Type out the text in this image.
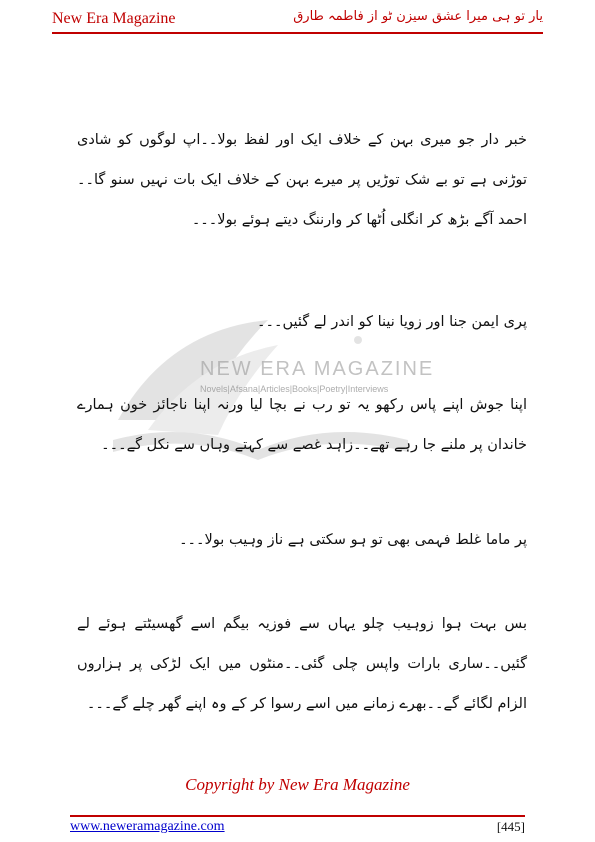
New Era Magazine	یار تو ہی میرا عشق سیزن ٹو از فاطمہ طارق
NEW ERA MAGAZINE
Novels|Afsana|Articles|Books|Poetry|Interviews
خبر دار جو میری بہن کے خلاف ایک اور لفظ بولا۔۔اپ لوگوں کو شادی توڑنی ہے تو بے شک توڑیں پر میرے بہن کے خلاف ایک بات نہیں سنو گا۔۔احمد آگے بڑھ کر انگلی اُٹھا کر وارننگ دیتے ہوئے بولا۔۔۔
پری ایمن جنا اور زویا نینا کو اندر لے گئیں۔۔۔
اپنا جوش اپنے پاس رکھو یہ تو رب نے بچا لیا ورنہ اپنا ناجائز خون ہمارے خاندان پر ملنے جا رہے تھے۔۔زاہد غصے سے کہتے وہاں سے نکل گے۔۔۔
پر ماما غلط فہمی بھی تو ہو سکتی ہے ناز وہیب بولا۔۔۔
بس بہت ہوا زوہیب چلو یہاں سے فوزیہ بیگم اسے گھسیٹتے ہوئے لے گئیں۔۔ساری بارات واپس چلی گئی۔۔منٹوں میں ایک لڑکی پر ہزاروں الزام لگائے گے۔۔بھرے زمانے میں اسے رسوا کر کے وہ اپنے گھر چلے گے۔۔۔
Copyright by New Era Magazine
www.neweramagazine.com	[445]
